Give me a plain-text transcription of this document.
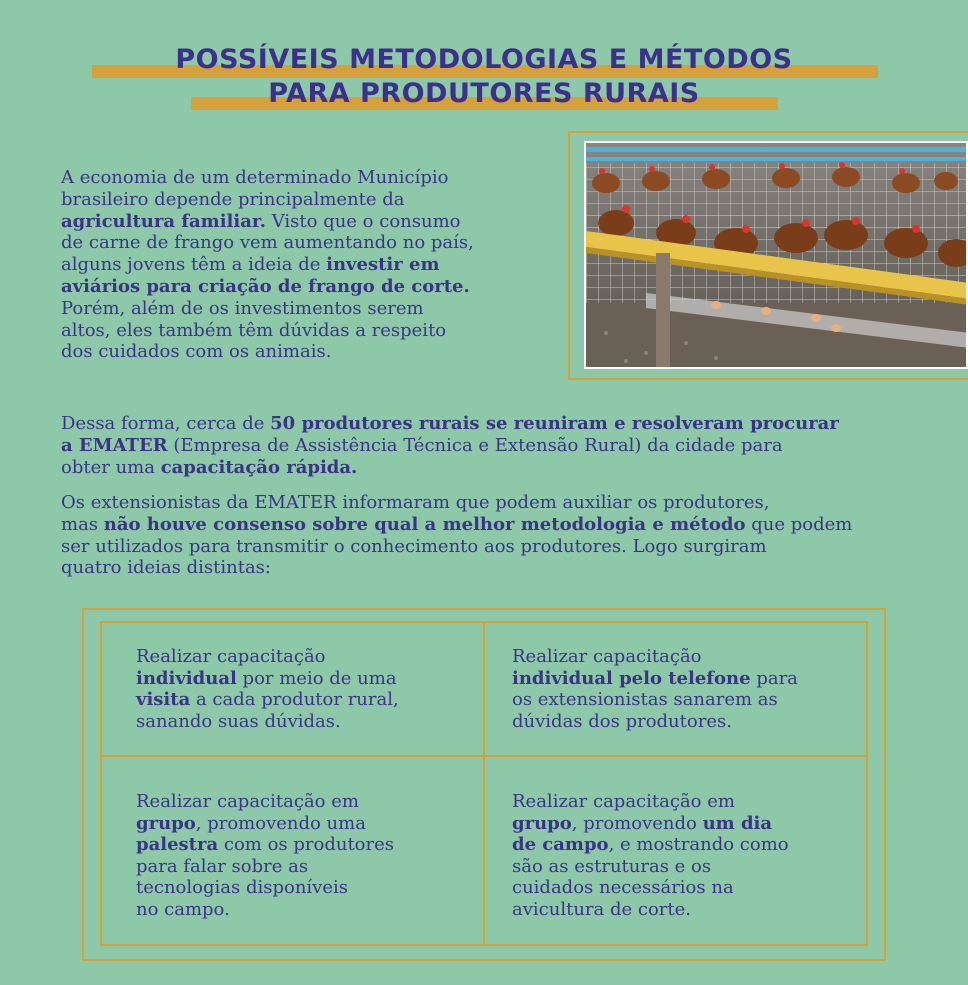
POSSÍVEIS METODOLOGIAS E MÉTODOS
PARA PRODUTORES RURAIS
A economia de um determinado Município
brasileiro depende principalmente da
agricultura familiar. Visto que o consumo
de carne de frango vem aumentando no país,
alguns jovens têm a ideia de investir em
aviários para criação de frango de corte.
Porém, além de os investimentos serem
altos, eles também têm dúvidas a respeito
dos cuidados com os animais.
Dessa forma, cerca de 50 produtores rurais se reuniram e resolveram procurar
a EMATER (Empresa de Assistência Técnica e Extensão Rural) da cidade para
obter uma capacitação rápida.
Os extensionistas da EMATER informaram que podem auxiliar os produtores,
mas não houve consenso sobre qual a melhor metodologia e método que podem
ser utilizados para transmitir o conhecimento aos produtores. Logo surgiram
quatro ideias distintas:
Realizar capacitação
individual por meio de uma
visita a cada produtor rural,
sanando suas dúvidas.
Realizar capacitação
individual pelo telefone para
os extensionistas sanarem as
dúvidas dos produtores.
Realizar capacitação em
grupo, promovendo uma
palestra com os produtores
para falar sobre as
tecnologias disponíveis
no campo.
Realizar capacitação em
grupo, promovendo um dia
de campo, e mostrando como
são as estruturas e os
cuidados necessários na
avicultura de corte.
